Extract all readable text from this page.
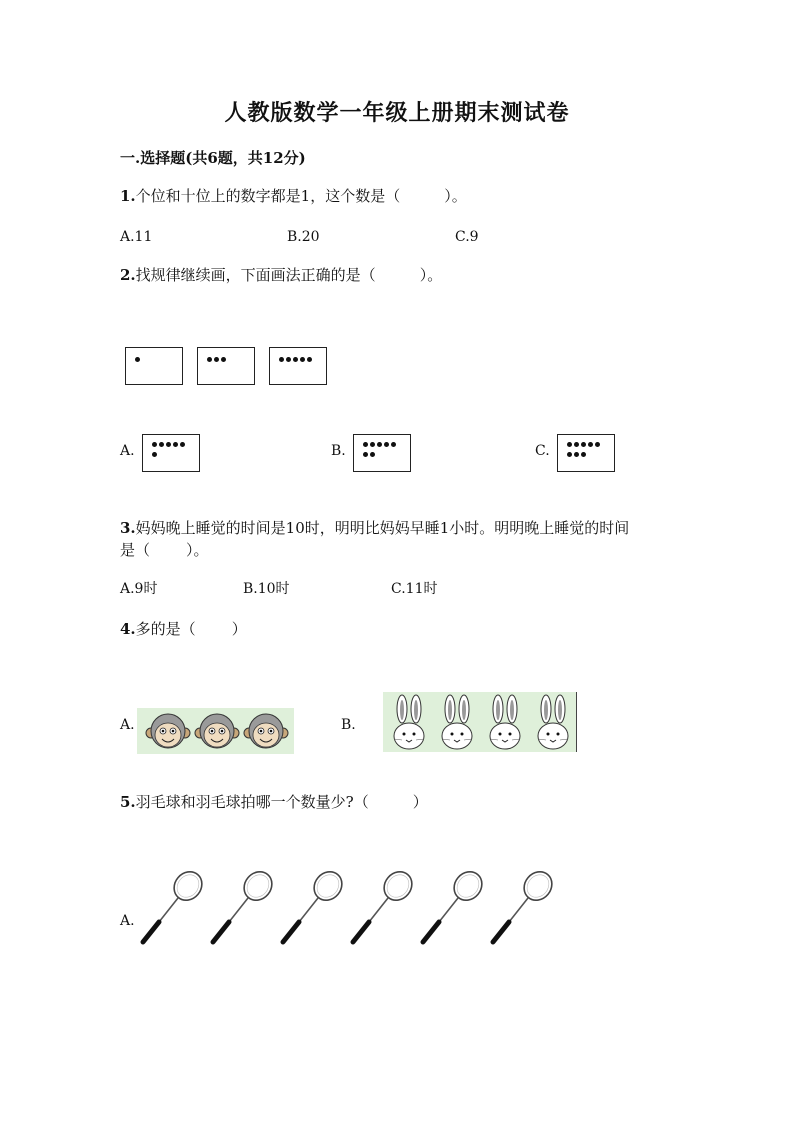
人教版数学一年级上册期末测试卷
一.选择题(共6题，共12分)
1.个位和十位上的数字都是1，这个数是（	）。
A.11	B.20	C.9
2.找规律继续画，下面画法正确的是（	）。
A.	B.	C.
3.妈妈晚上睡觉的时间是10时，明明比妈妈早睡1小时。明明晚上睡觉的时间
是（ ）。
A.9时	B.10时	C.11时
4.多的是（ ）
A.	B.
5.羽毛球和羽毛球拍哪一个数量少?（	）
A.
